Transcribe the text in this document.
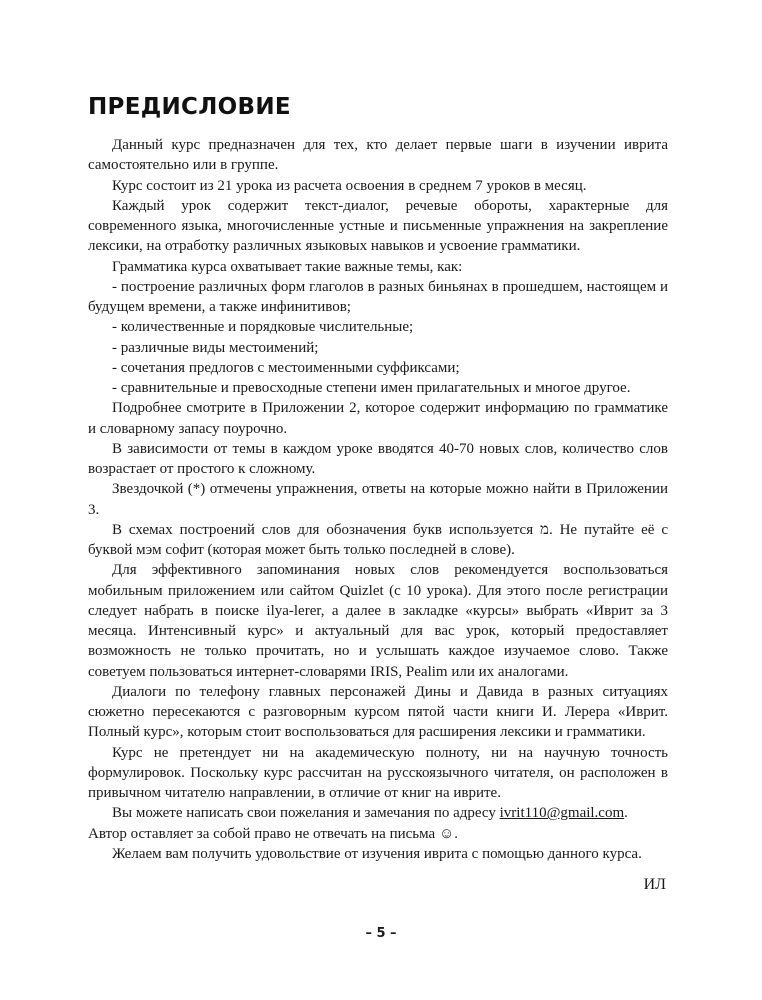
ПРЕДИСЛОВИЕ

Данный курс предназначен для тех, кто делает первые шаги в изучении иврита самостоятельно или в группе.

Курс состоит из 21 урока из расчета освоения в среднем 7 уроков в месяц.

Каждый урок содержит текст-диалог, речевые обороты, характерные для современного языка, многочисленные устные и письменные упражнения на закрепление лексики, на отработку различных языковых навыков и усвоение грамматики.

Грамматика курса охватывает такие важные темы, как:

- построение различных форм глаголов в разных биньянах в прошедшем, настоящем и будущем времени, а также инфинитивов;

- количественные и порядковые числительные;

- различные виды местоимений;

- сочетания предлогов с местоименными суффиксами;

- сравнительные и превосходные степени имен прилагательных и многое другое.

Подробнее смотрите в Приложении 2, которое содержит информацию по грамматике и словарному запасу поурочно.

В зависимости от темы в каждом уроке вводятся 40-70 новых слов, количество слов возрастает от простого к сложному.

Звездочкой (*) отмечены упражнения, ответы на которые можно найти в Приложении 3.

В схемах построений слов для обозначения букв используется מ. Не путайте её с буквой мэм софит (которая может быть только последней в слове).

Для эффективного запоминания новых слов рекомендуется воспользоваться мобильным приложением или сайтом Quizlet (с 10 урока). Для этого после регистрации следует набрать в поиске ilya-lerer, а далее в закладке «курсы» выбрать «Иврит за 3 месяца. Интенсивный курс» и актуальный для вас урок, который предоставляет возможность не только прочитать, но и услышать каждое изучаемое слово. Также советуем пользоваться интернет-словарями IRIS, Pealim или их аналогами.

Диалоги по телефону главных персонажей Дины и Давида в разных ситуациях сюжетно пересекаются с разговорным курсом пятой части книги И. Лерера «Иврит. Полный курс», которым стоит воспользоваться для расширения лексики и грамматики.

Курс не претендует ни на академическую полноту, ни на научную точность формулировок. Поскольку курс рассчитан на русскоязычного читателя, он расположен в привычном читателю направлении, в отличие от книг на иврите.

Вы можете написать свои пожелания и замечания по адресу ivrit110@gmail.com.

Автор оставляет за собой право не отвечать на письма ☺.

Желаем вам получить удовольствие от изучения иврита с помощью данного курса.

ИЛ
– 5 –
